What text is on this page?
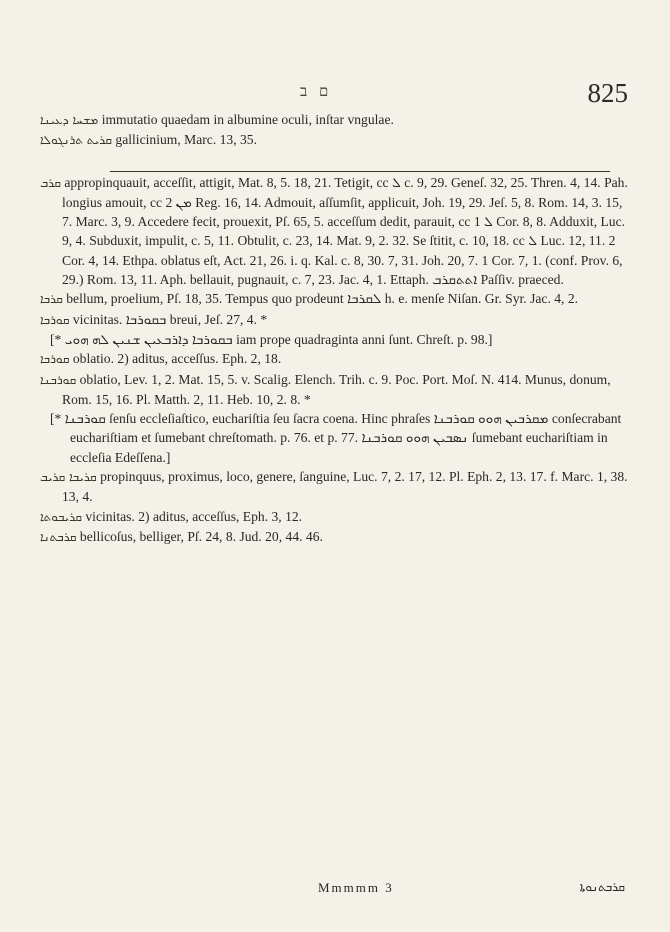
ם ב	825

ܡܫܚܐ ܕܥܝܢܐ immutatio quaedam in albumine oculi, inſtar vngulae.

ܩܪܝܬ ܬܪܢܓܘܠܐ gallicinium, Marc. 13, 35.

ܩܪܒ appropinquauit, acceſſit, attigit, Mat. 8, 5. 18, 21. Tetigit, cc ܠ c. 9, 29. Geneſ. 32, 25. Thren. 4, 14. Pah. longius amouit, cc ܡܢ 2 Reg. 16, 14. Admouit, aſſumſit, applicuit, Joh. 19, 29. Jeſ. 5, 8. Rom. 14, 3. 15, 7. Marc. 3, 9. Accedere fecit, prouexit, Pſ. 65, 5. acceſſum dedit, parauit, cc ܠ 1 Cor. 8, 8. Adduxit, Luc. 9, 4. Subduxit, impulit, c. 5, 11. Obtulit, c. 23, 14. Mat. 9, 2. 32. Se ſtitit, c. 10, 18. cc ܠ Luc. 12, 11. 2 Cor. 4, 14. Ethpa. oblatus eſt, Act. 21, 26. i. q. Kal. c. 8, 30. 7, 31. Joh. 20, 7. 1 Cor. 7, 1. (conf. Prov. 6, 29.) Rom. 13, 11. Aph. bellauit, pugnauit, c. 7, 23. Jac. 4, 1. Ettaph. ܐܬܬܩܪܒ Paſſiv. praeced.

ܩܪܒܐ bellum, proelium, Pſ. 18, 35. Tempus quo prodeunt ܠܩܪܒܐ h. e. menſe Niſan. Gr. Syr. Jac. 4, 2.

ܩܘܪܒܐ vicinitas. ܒܩܘܪܒܐ breui, Jeſ. 27, 4. *

[* ܒܩܘܪܒܐ ܕܐܪܒܥܝܢ ܫܢܝܢ ܠܗ ܗܘܝ iam prope quadraginta anni ſunt. Chreſt. p. 98.]

ܩܘܪܒܐ oblatio. 2) aditus, acceſſus. Eph. 2, 18.

ܩܘܪܒܢܐ oblatio, Lev. 1, 2. Mat. 15, 5. v. Scalig. Elench. Trih. c. 9. Poc. Port. Moſ. N. 414. Munus, donum, Rom. 15, 16. Pl. Matth. 2, 11. Heb. 10, 2. 8. *

[* ܩܘܪܒܢܐ ſenſu eccleſiaſtico, euchariſtia ſeu ſacra coena. Hinc phraſes ܡܩܪܒܝܢ ܗܘܘ ܩܘܪܒܢܐ conſecrabant euchariſtiam et ſumebant chreſtomath. p. 76. et p. 77. ܢܣܒܝܢ ܗܘܘ ܩܘܪܒܢܐ ſumebant euchariſtiam in eccleſia Edeſſena.]

ܩܪܝܒܐ ܩܪܝܒ propinquus, proximus, loco, genere, ſanguine, Luc. 7, 2. 17, 12. Pl. Eph. 2, 13. 17. f. Marc. 1, 38. 13, 4.

ܩܪܝܒܘܬܐ vicinitas. 2) aditus, acceſſus, Eph. 3, 12.

ܩܪܒܬܢܐ bellicoſus, belliger, Pſ. 24, 8. Jud. 20, 44. 46.

Mmmmm 3	ܩܪܒܬܢܘܬܐ
